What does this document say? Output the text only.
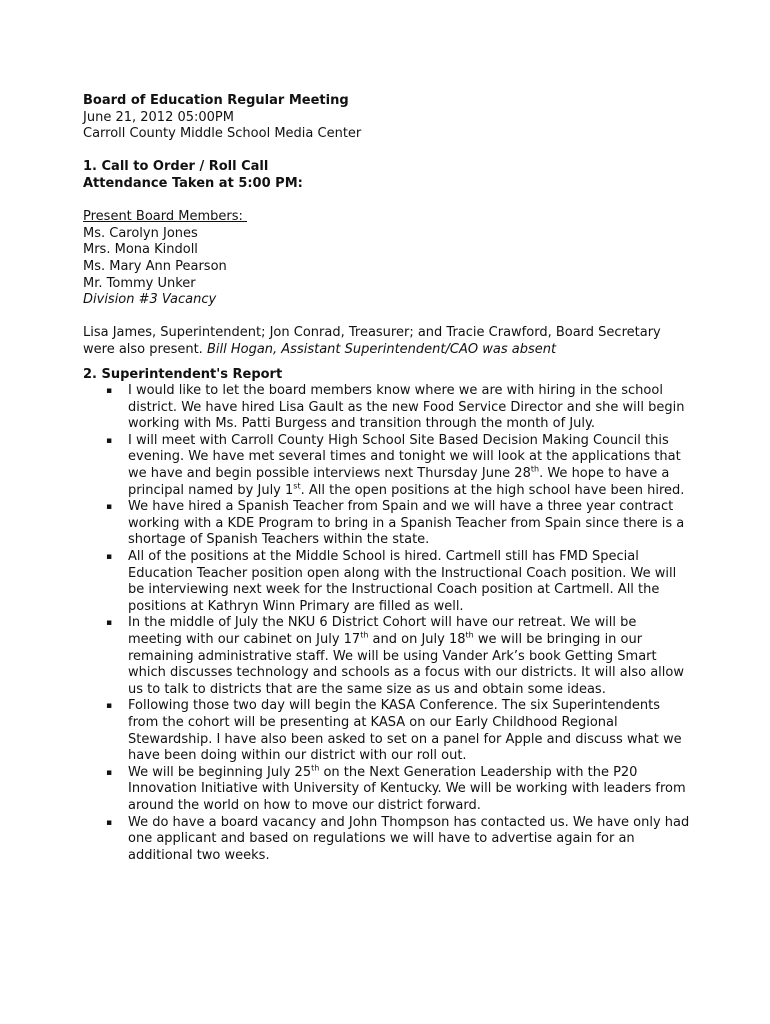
Board of Education Regular Meeting

June 21, 2012 05:00PM

Carroll County Middle School Media Center

1. Call to Order / Roll Call

Attendance Taken at 5:00 PM:

Present Board Members:

Ms. Carolyn Jones

Mrs. Mona Kindoll

Ms. Mary Ann Pearson

Mr. Tommy Unker

Division #3 Vacancy

Lisa James, Superintendent; Jon Conrad, Treasurer; and Tracie Crawford, Board Secretary were also present. Bill Hogan, Assistant Superintendent/CAO was absent

2. Superintendent's Report

▪ I would like to let the board members know where we are with hiring in the school district. We have hired Lisa Gault as the new Food Service Director and she will begin working with Ms. Patti Burgess and transition through the month of July.
▪ I will meet with Carroll County High School Site Based Decision Making Council this evening. We have met several times and tonight we will look at the applications that we have and begin possible interviews next Thursday June 28th. We hope to have a principal named by July 1st. All the open positions at the high school have been hired.
▪ We have hired a Spanish Teacher from Spain and we will have a three year contract working with a KDE Program to bring in a Spanish Teacher from Spain since there is a shortage of Spanish Teachers within the state.
▪ All of the positions at the Middle School is hired. Cartmell still has FMD Special Education Teacher position open along with the Instructional Coach position. We will be interviewing next week for the Instructional Coach position at Cartmell. All the positions at Kathryn Winn Primary are filled as well.
▪ In the middle of July the NKU 6 District Cohort will have our retreat. We will be meeting with our cabinet on July 17th and on July 18th we will be bringing in our remaining administrative staff. We will be using Vander Ark’s book Getting Smart which discusses technology and schools as a focus with our districts. It will also allow us to talk to districts that are the same size as us and obtain some ideas.
▪ Following those two day will begin the KASA Conference. The six Superintendents from the cohort will be presenting at KASA on our Early Childhood Regional Stewardship. I have also been asked to set on a panel for Apple and discuss what we have been doing within our district with our roll out.
▪ We will be beginning July 25th on the Next Generation Leadership with the P20 Innovation Initiative with University of Kentucky. We will be working with leaders from around the world on how to move our district forward.
▪ We do have a board vacancy and John Thompson has contacted us. We have only had one applicant and based on regulations we will have to advertise again for an additional two weeks.
